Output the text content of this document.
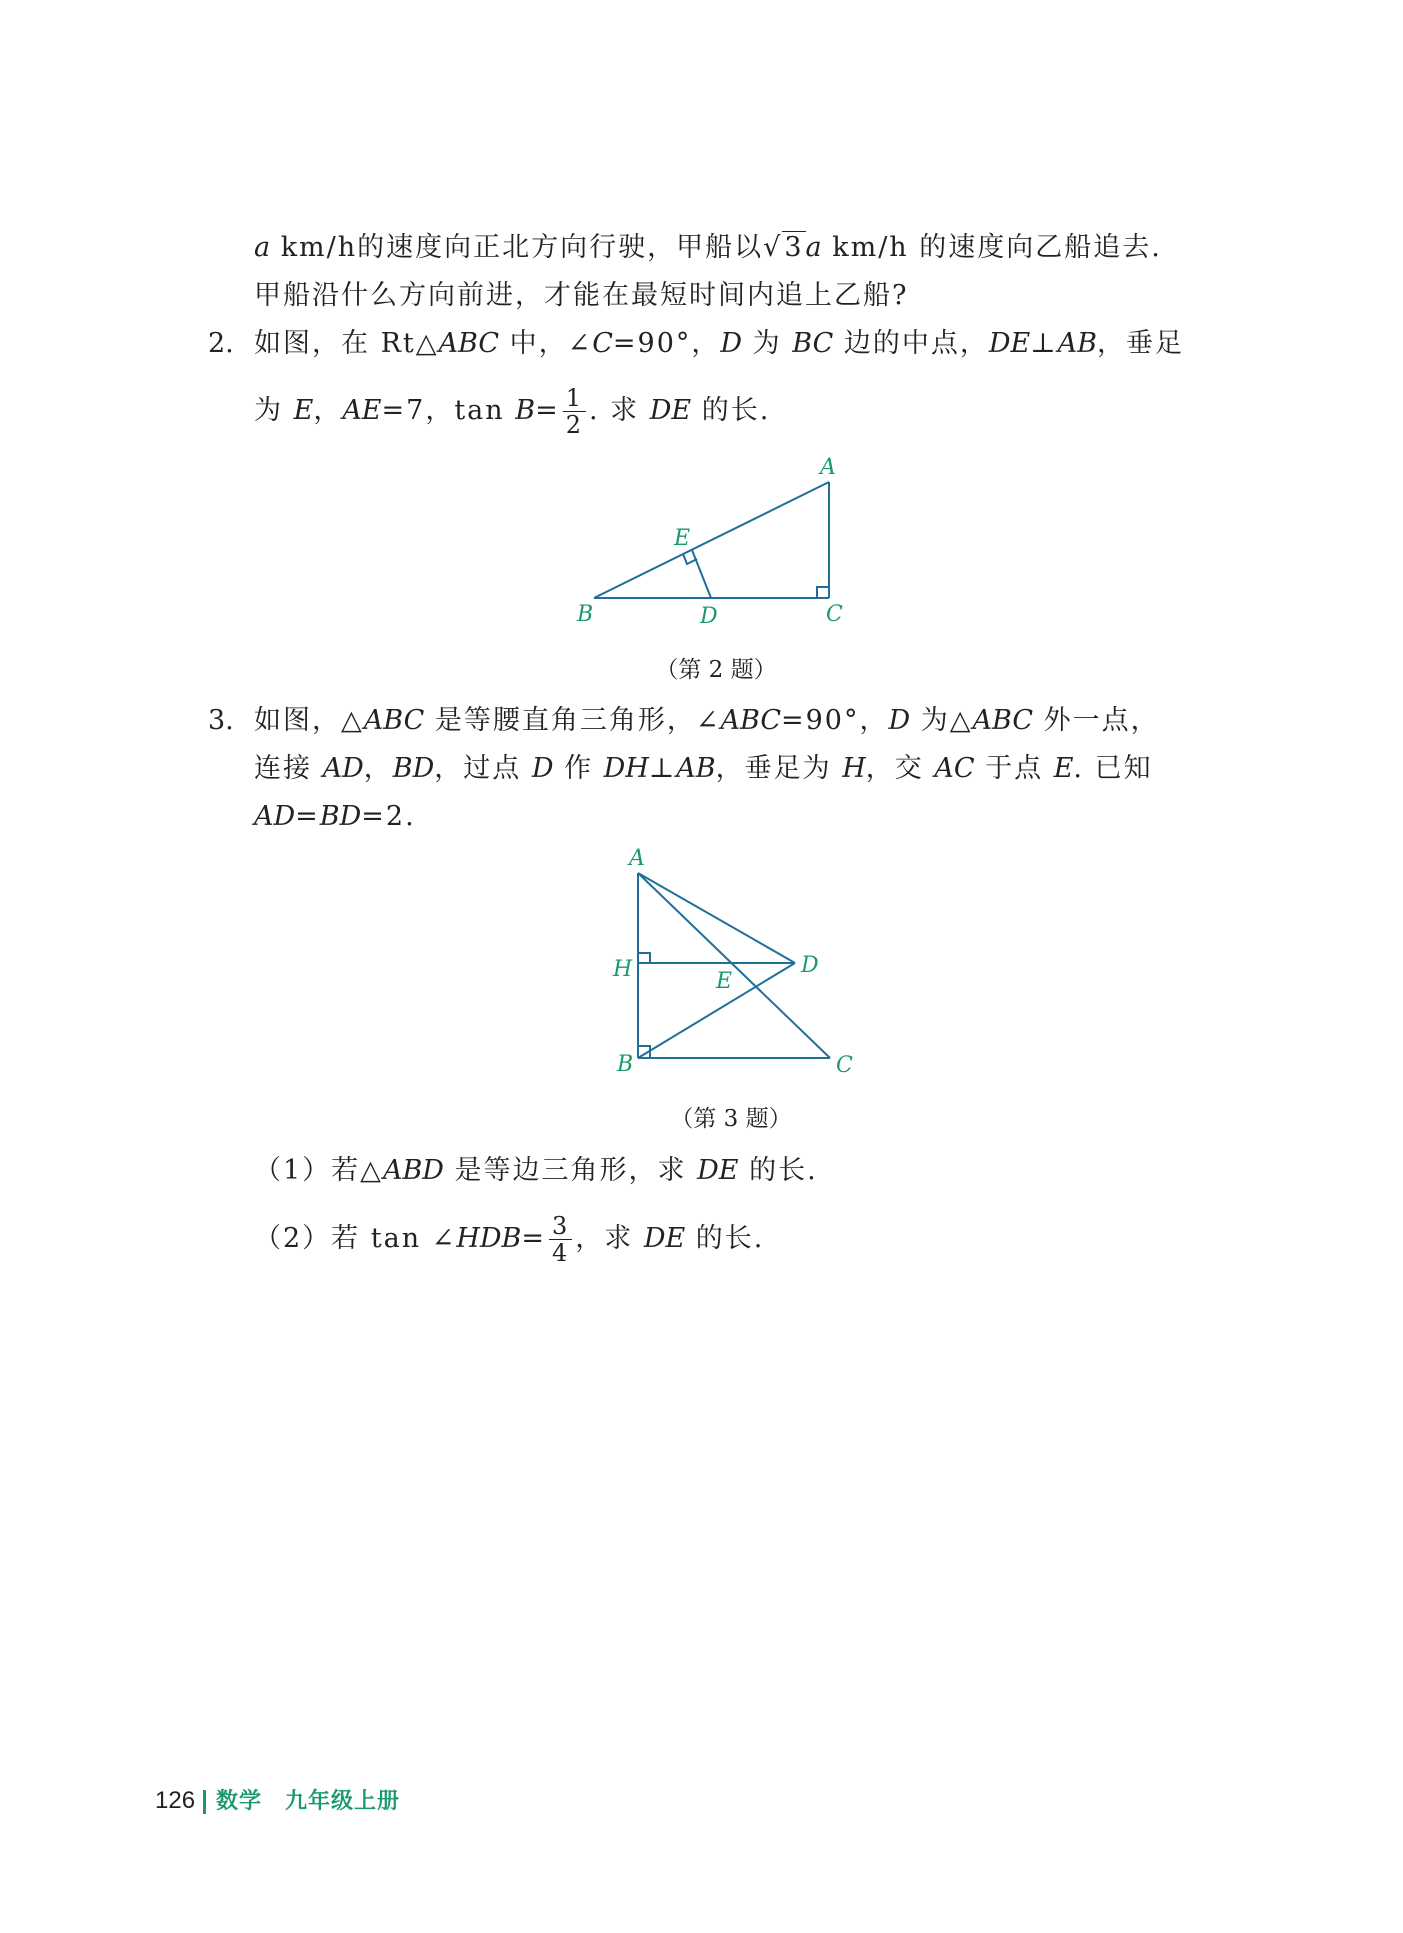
a km/h的速度向正北方向行驶，甲船以√3a km/h 的速度向乙船追去.
甲船沿什么方向前进，才能在最短时间内追上乙船?
2. 如图，在 Rt△ABC 中，∠C=90°，D 为 BC 边的中点，DE⊥AB，垂足
为 E，AE=7，$\tan B= \frac{1}{2}$ . 求 DE 的长.
A
E
B	D	C
（第 2 题）
3. 如图，△ABC 是等腰直角三角形，∠ABC=90°，D 为△ABC 外一点，
连接 AD，BD，过点 D 作 DH⊥AB，垂足为 H，交 AC 于点 E. 已知
AD=BD=2.
A
H	E
D
B	C
（第 3 题）
（1）若△ABD 是等边三角形，求 DE 的长.
（2）若 tan ∠HDB= $\frac{3}{4}$ ，求 DE 的长.
126 数学　九年级上册
